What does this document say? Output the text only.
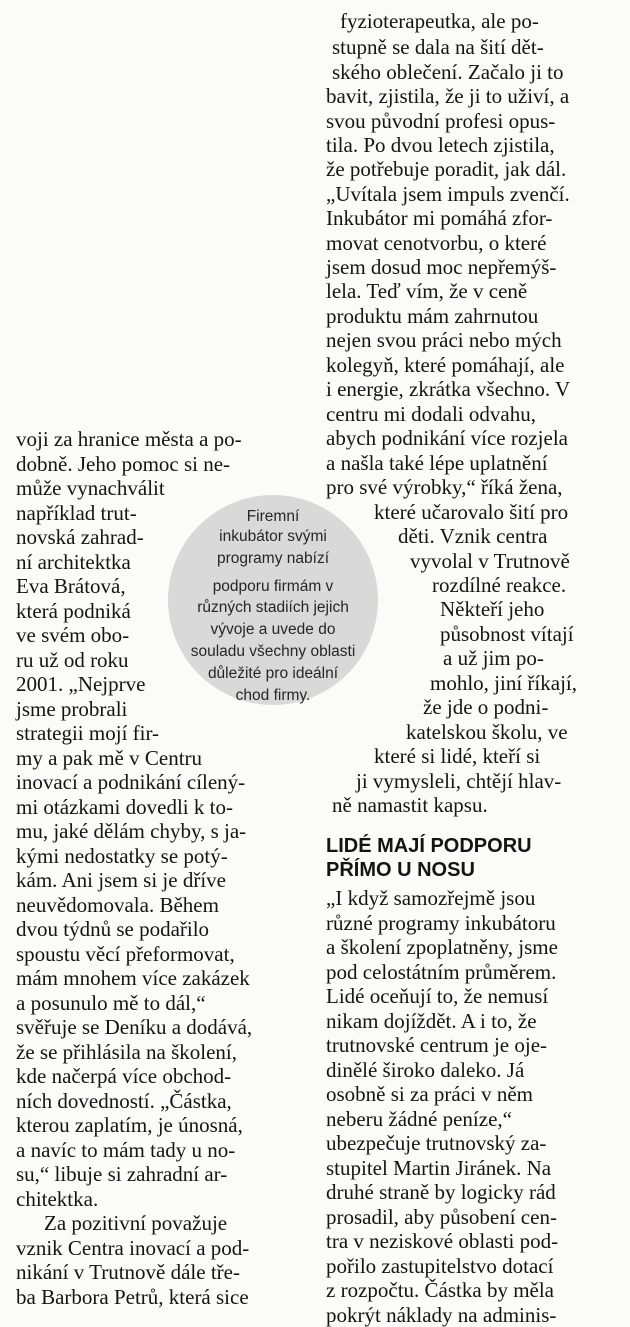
Firemní
inkubátor svými
programy nabízí
podporu firmám v
různých stadiích jejich
vývoje a uvede do
souladu všechny oblasti
důležité pro ideální
chod firmy.
fyzioterapeutka, ale po-
stupně se dala na šití dět-
ského oblečení. Začalo ji to
bavit, zjistila, že ji to uživí, a
svou původní profesi opus-
tila. Po dvou letech zjistila,
že potřebuje poradit, jak dál.
„Uvítala jsem impuls zvenčí.
Inkubátor mi pomáhá zfor-
movat cenotvorbu, o které
jsem dosud moc nepřemýš-
lela. Teď vím, že v ceně
produktu mám zahrnutou
nejen svou práci nebo mých
kolegyň, které pomáhají, ale
i energie, zkrátka všechno. V
centru mi dodali odvahu,
abych podnikání více rozjela
a našla také lépe uplatnění
pro své výrobky,“ říká žena,
které učarovalo šití pro
děti. Vznik centra
vyvolal v Trutnově
rozdílné reakce.
Někteří jeho
působnost vítají
a už jim po-
mohlo, jiní říkají,
že jde o podni-
katelskou školu, ve
které si lidé, kteří si
ji vymysleli, chtějí hlav-
ně namastit kapsu.
LIDÉ MAJÍ PODPORU
PŘÍMO U NOSU
„I když samozřejmě jsou
různé programy inkubátoru
a školení zpoplatněny, jsme
pod celostátním průměrem.
Lidé oceňují to, že nemusí
nikam dojíždět. A i to, že
trutnovské centrum je oje-
dinělé široko daleko. Já
osobně si za práci v něm
neberu žádné peníze,“
ubezpečuje trutnovský za-
stupitel Martin Jiránek. Na
druhé straně by logicky rád
prosadil, aby působení cen-
tra v neziskové oblasti pod-
pořilo zastupitelstvo dotací
z rozpočtu. Částka by měla
pokrýt náklady na adminis-
voji za hranice města a po-
dobně. Jeho pomoc si ne-
může vynachválit
například trut-
novská zahrad-
ní architektka
Eva Brátová,
která podniká
ve svém obo-
ru už od roku
2001. „Nejprve
jsme probrali
strategii mojí fir-
my a pak mě v Centru
inovací a podnikání cílený-
mi otázkami dovedli k to-
mu, jaké dělám chyby, s ja-
kými nedostatky se potý-
kám. Ani jsem si je dříve
neuvědomovala. Během
dvou týdnů se podařilo
spoustu věcí přeformovat,
mám mnohem více zakázek
a posunulo mě to dál,“
svěřuje se Deníku a dodává,
že se přihlásila na školení,
kde načerpá více obchod-
ních dovedností. „Částka,
kterou zaplatím, je únosná,
a navíc to mám tady u no-
su,“ libuje si zahradní ar-
chitektka.
Za pozitivní považuje
vznik Centra inovací a pod-
nikání v Trutnově dále tře-
ba Barbora Petrů, která sice
